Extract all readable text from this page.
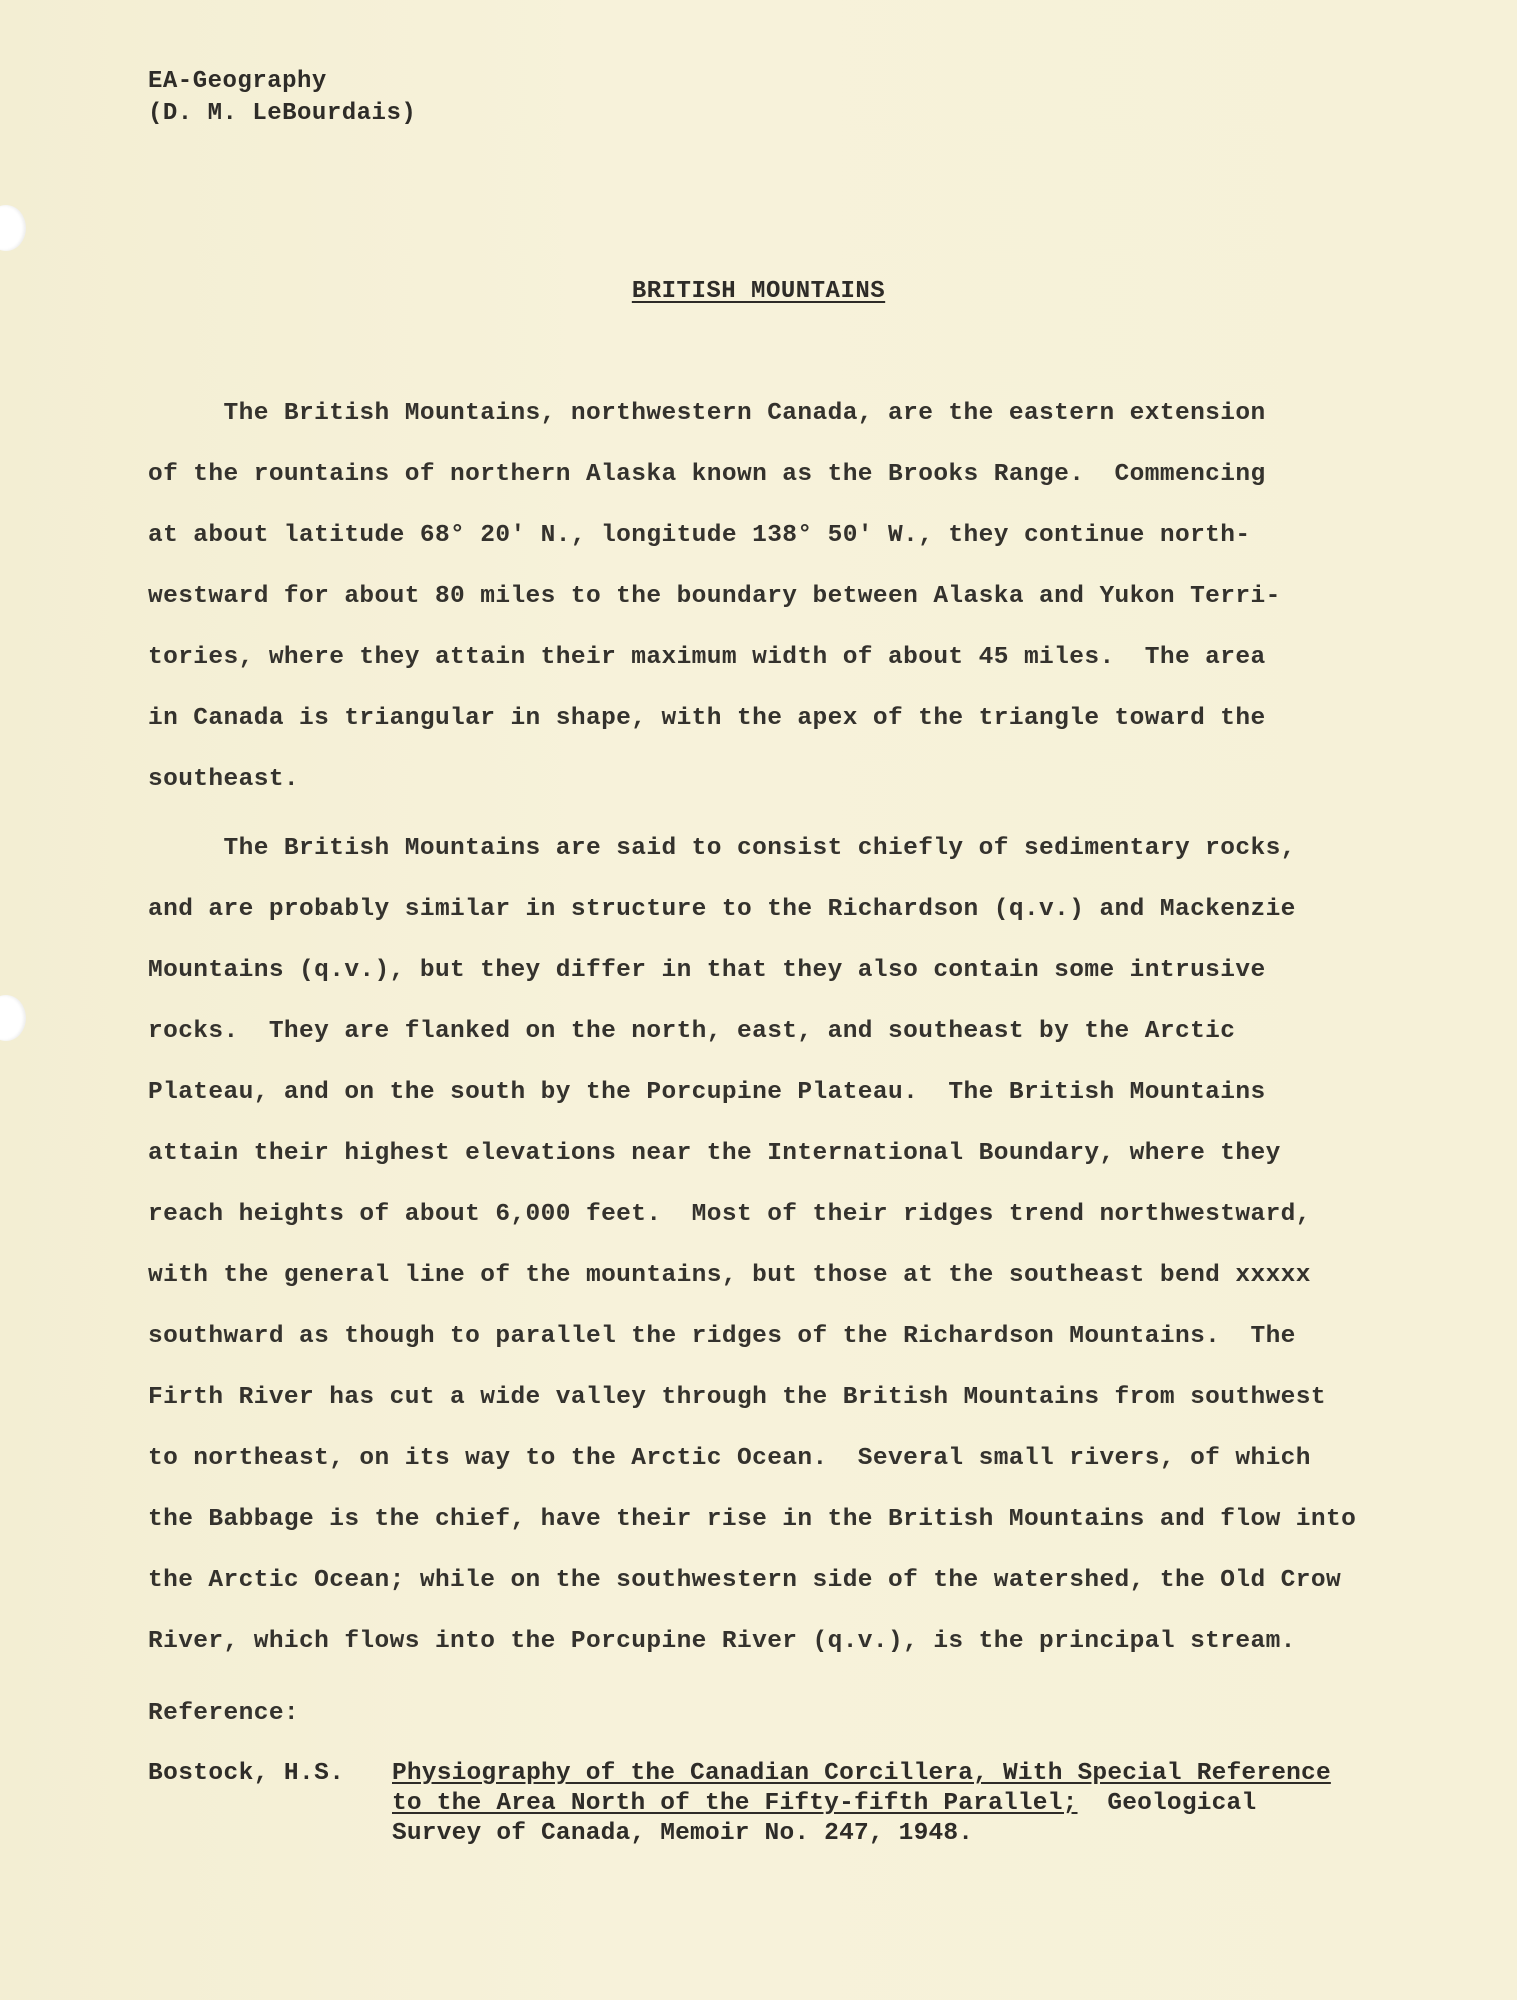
EA-Geography
(D. M. LeBourdais)
BRITISH MOUNTAINS
The British Mountains, northwestern Canada, are the eastern extension
of the rountains of northern Alaska known as the Brooks Range.  Commencing
at about latitude 68° 20' N., longitude 138° 50' W., they continue north-
westward for about 80 miles to the boundary between Alaska and Yukon Terri-
tories, where they attain their maximum width of about 45 miles.  The area
in Canada is triangular in shape, with the apex of the triangle toward the
southeast.
The British Mountains are said to consist chiefly of sedimentary rocks,
and are probably similar in structure to the Richardson (q.v.) and Mackenzie
Mountains (q.v.), but they differ in that they also contain some intrusive
rocks.  They are flanked on the north, east, and southeast by the Arctic
Plateau, and on the south by the Porcupine Plateau.  The British Mountains
attain their highest elevations near the International Boundary, where they
reach heights of about 6,000 feet.  Most of their ridges trend northwestward,
with the general line of the mountains, but those at the southeast bend xxxxx
southward as though to parallel the ridges of the Richardson Mountains.  The
Firth River has cut a wide valley through the British Mountains from southwest
to northeast, on its way to the Arctic Ocean.  Several small rivers, of which
the Babbage is the chief, have their rise in the British Mountains and flow into
the Arctic Ocean; while on the southwestern side of the watershed, the Old Crow
River, which flows into the Porcupine River (q.v.), is the principal stream.
Reference:
Bostock, H.S. Physiography of the Canadian Corcillera, With Special Reference
to the Area North of the Fifty-fifth Parallel;  Geological
Survey of Canada, Memoir No. 247, 1948.
